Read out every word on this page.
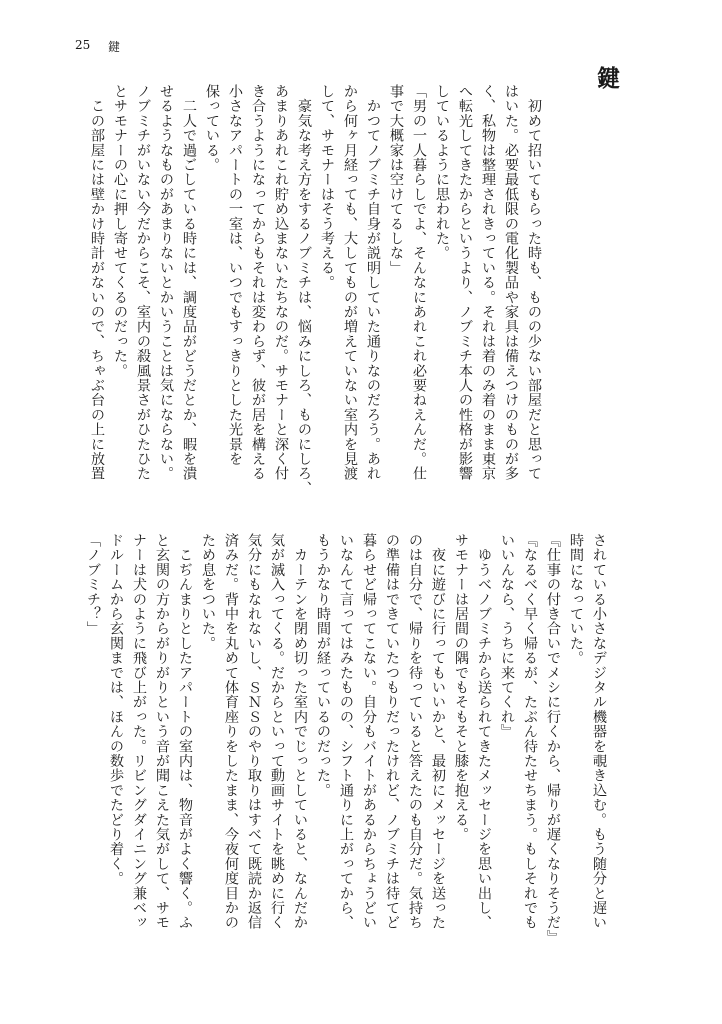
25 鍵
鍵
　初めて招いてもらった時も、ものの少ない部屋だと思って
はいた。必要最低限の電化製品や家具は備えつけのものが多
く、私物は整理されきっている。それは着のみ着のまま東京
へ転光してきたからというより、ノブミチ本人の性格が影響
しているように思われた。
「男の一人暮らしでよ、そんなにあれこれ必要ねえんだ。仕
事で大概家は空けてるしな」
　かつてノブミチ自身が説明していた通りなのだろう。あれ
から何ヶ月経っても、大してものが増えていない室内を見渡
して、サモナーはそう考える。
　豪気な考え方をするノブミチは、悩みにしろ、ものにしろ、
あまりあれこれ貯め込まないたちなのだ。サモナーと深く付
き合うようになってからもそれは変わらず、彼が居を構える
小さなアパートの一室は、いつでもすっきりとした光景を
保っている。
　二人で過ごしている時には、調度品がどうだとか、暇を潰
せるようなものがあまりないとかいうことは気にならない。
ノブミチがいない今だからこそ、室内の殺風景さがひたひた
とサモナーの心に押し寄せてくるのだった。
　この部屋には壁かけ時計がないので、ちゃぶ台の上に放置
されている小さなデジタル機器を覗き込む。もう随分と遅い
時間になっていた。
『仕事の付き合いでメシに行くから、帰りが遅くなりそうだ』
『なるべく早く帰るが、たぶん待たせちまう。もしそれでも
いいんなら、うちに来てくれ』
　ゆうべノブミチから送られてきたメッセージを思い出し、
サモナーは居間の隅でもそもそと膝を抱える。
　夜に遊びに行ってもいいかと、最初にメッセージを送った
のは自分で、帰りを待っていると答えたのも自分だ。気持ち
の準備はできていたつもりだったけれど、ノブミチは待てど
暮らせど帰ってこない。自分もバイトがあるからちょうどい
いなんて言ってはみたものの、シフト通りに上がってから、
もうかなり時間が経っているのだった。
　カーテンを閉め切った室内でじっとしていると、なんだか
気が滅入ってくる。だからといって動画サイトを眺めに行く
気分にもなれないし、ＳＮＳのやり取りはすべて既読か返信
済みだ。背中を丸めて体育座りをしたまま、今夜何度目かの
ため息をついた。
　こぢんまりとしたアパートの室内は、物音がよく響く。ふ
と玄関の方からがりがりという音が聞こえた気がして、サモ
ナーは犬のように飛び上がった。リビングダイニング兼ベッ
ドルームから玄関までは、ほんの数歩でたどり着く。
「ノブミチ？」
